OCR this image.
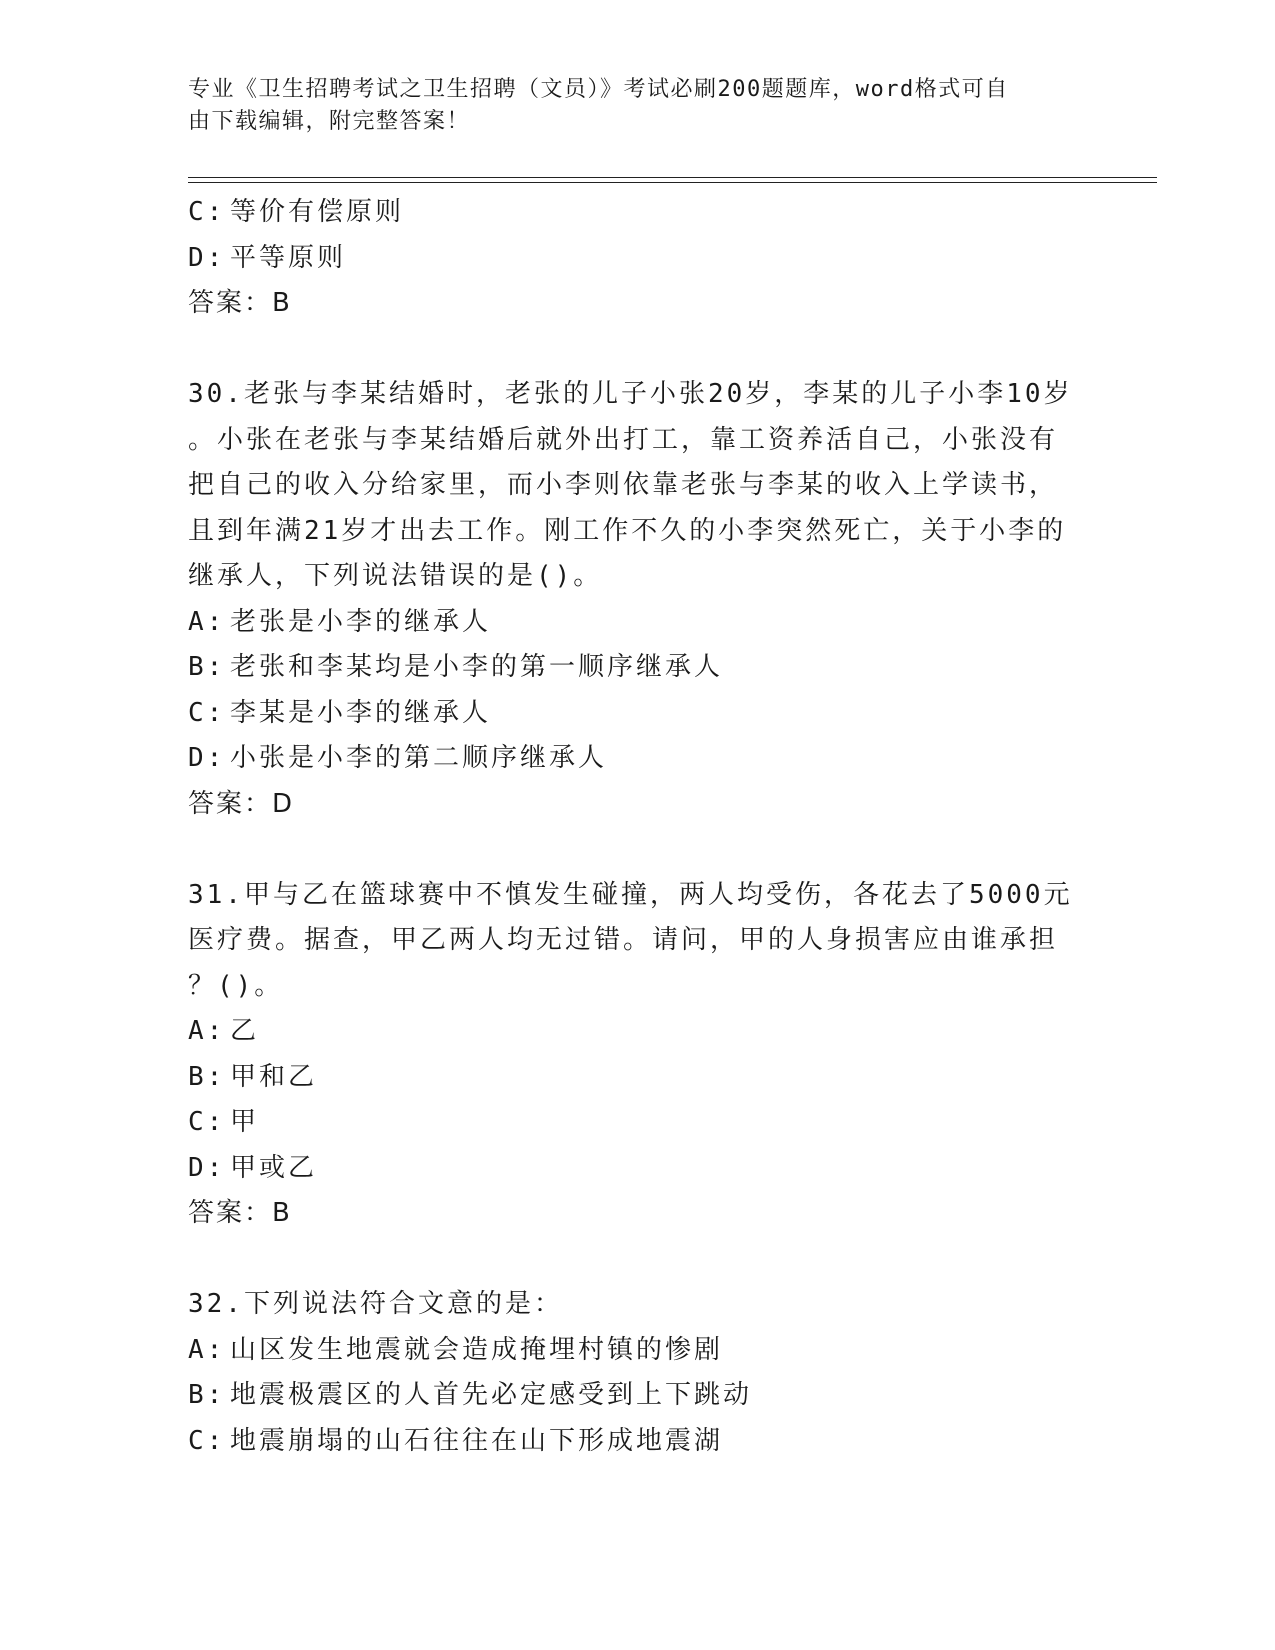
专业《卫生招聘考试之卫生招聘（文员）》考试必刷200题题库，word格式可自
由下载编辑，附完整答案！
C: 等价有偿原则
D: 平等原则
答案：B
30.老张与李某结婚时，老张的儿子小张20岁，李某的儿子小李10岁
。小张在老张与李某结婚后就外出打工，靠工资养活自己，小张没有
把自己的收入分给家里，而小李则依靠老张与李某的收入上学读书，
且到年满21岁才出去工作。刚工作不久的小李突然死亡，关于小李的
继承人，下列说法错误的是()。
A: 老张是小李的继承人
B: 老张和李某均是小李的第一顺序继承人
C: 李某是小李的继承人
D: 小张是小李的第二顺序继承人
答案：D
31.甲与乙在篮球赛中不慎发生碰撞，两人均受伤，各花去了5000元
医疗费。据查，甲乙两人均无过错。请问，甲的人身损害应由谁承担
？()。
A: 乙
B: 甲和乙
C: 甲
D: 甲或乙
答案：B
32.下列说法符合文意的是：
A: 山区发生地震就会造成掩埋村镇的惨剧
B: 地震极震区的人首先必定感受到上下跳动
C: 地震崩塌的山石往往在山下形成地震湖
